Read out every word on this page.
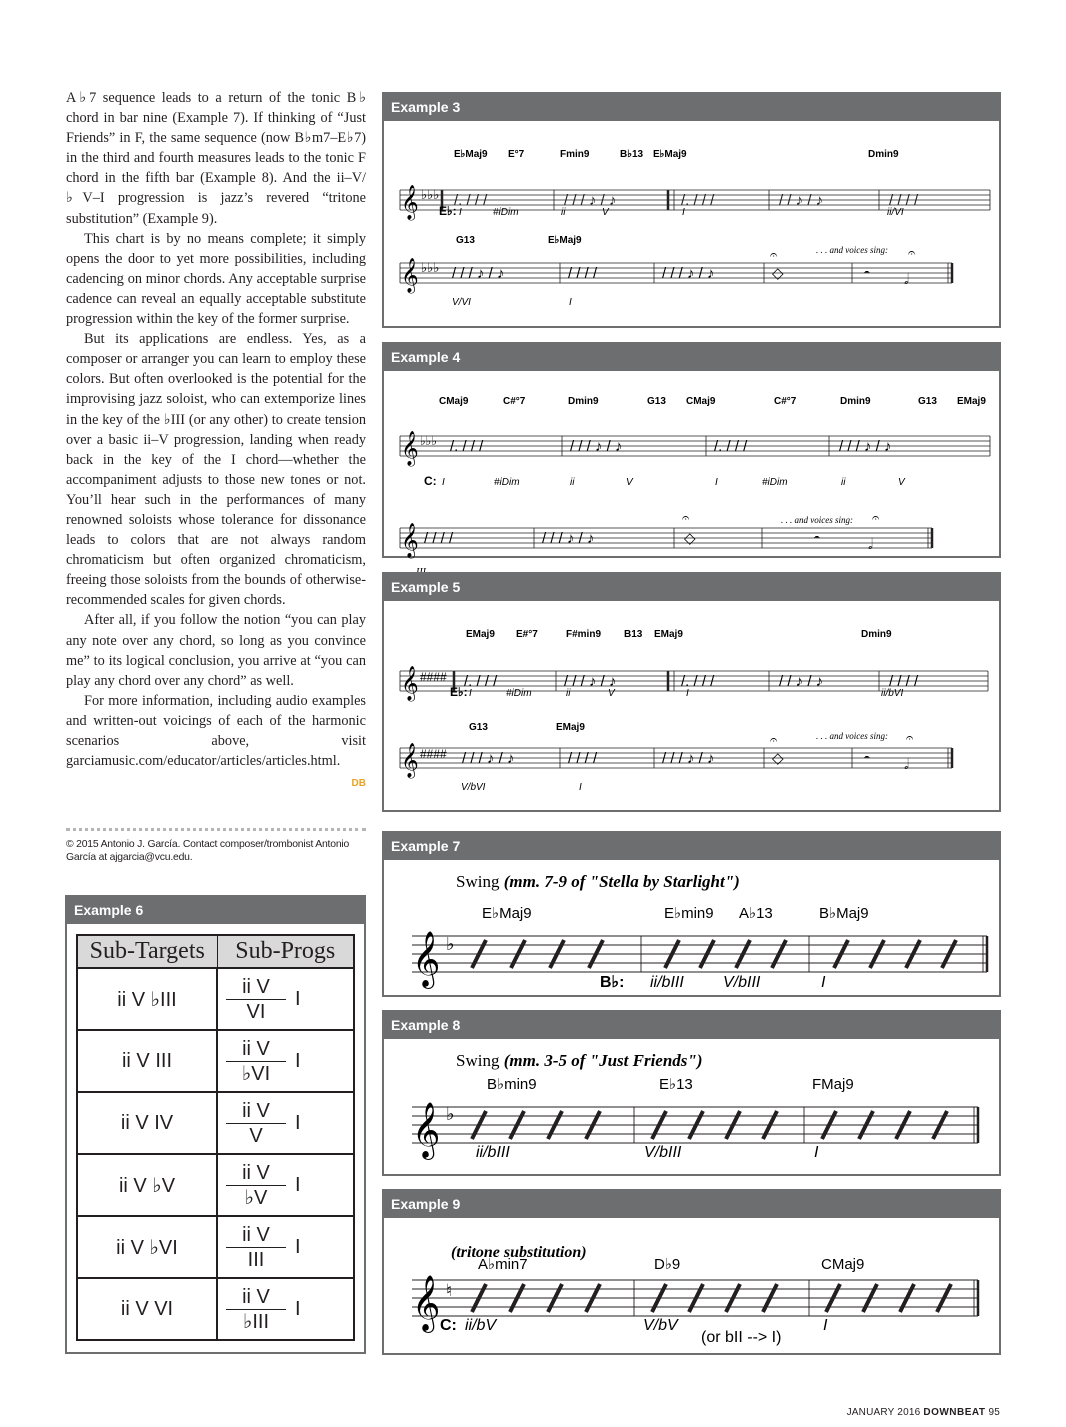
A♭7 sequence leads to a return of the tonic B♭ chord in bar nine (Example 7). If thinking of “Just Friends” in F, the same sequence (now B♭m7–E♭7) in the third and fourth measures leads to the tonic F chord in the fifth bar (Example 8). And the ii–V/♭V–I progression is jazz’s revered “tritone substitution” (Example 9).

This chart is by no means complete; it simply opens the door to yet more possibilities, including cadencing on minor chords. Any acceptable surprise cadence can reveal an equally acceptable substitute progression within the key of the former surprise.

But its applications are endless. Yes, as a composer or arranger you can learn to employ these colors. But often overlooked is the potential for the improvising jazz soloist, who can extemporize lines in the key of the ♭III (or any other) to create tension over a basic ii–V progression, landing when ready back in the key of the I chord—whether the accompaniment adjusts to those new tones or not. You’ll hear such in the performances of many renowned soloists whose tolerance for dissonance leads to colors that are not always random chromaticism but often organized chromaticism, freeing those soloists from the bounds of otherwise-recommended scales for given chords.

After all, if you follow the notion “you can play any note over any chord, so long as you convince me” to its logical conclusion, you arrive at “you can play any chord over any chord” as well.

For more information, including audio examples and written-out voicings of each of the harmonic scenarios above, visit garciamusic.com/educator/articles/articles.html.
DB

© 2015 Antonio J. García. Contact composer/trombonist Antonio García at ajgarcia@vcu.edu.
Example 6
Sub-Targets	Sub-Progs	
ii V ♭III	$\frac{\text{ii V}}{VI}$	I
ii V III	$\frac{\text{ii V}}{♭VI}$	I
ii V IV	$\frac{\text{ii V}}{V}$	I
ii V ♭V	$\frac{\text{ii V}}{♭V}$	I
ii V ♭VI	$\frac{\text{ii V}}{\text{III}}$	I
ii V VI	$\frac{\text{ii V}}{\text{♭III}}$	I
Example 3
𝄞 ♭♭♭ /. / / /	/ / / ♪ / ♪	/. / / /	/ / ♪ / ♪	/ / / /
E♭Maj9 E°7	Fmin9	B♭13 E♭Maj9	Dmin9
E♭: I	#iDim	ii	V	I	ii/VI
𝄞 ♭♭♭ / / / ♪ / ♪	/ / / /	/ / / ♪ / ♪	◇	𝄼 𝅗𝅥
𝄐	𝄐
G13	E♭Maj9
. . . and voices sing:
V/VI	I
Example 4
𝄞 ♭♭♭ /. / / /	/ / / ♪ / ♪	/. / / /	/ / / ♪ / ♪
CMaj9	C#°7	Dmin9	G13 CMaj9	C#°7	Dmin9	G13 EMaj9
C: I	#iDim	ii	V	I	#iDim	ii	V
𝄞 / / / /	/ / / ♪ / ♪	◇	𝄼	𝅗𝅥
𝄐	𝄐
. . . and voices sing:
Example 5
𝄞 #### /. / / /	/ / / ♪ / ♪	/. / / /	/ / ♪ / ♪	/ / / /
EMaj9 E#°7	F#min9 B13 EMaj9	Dmin9
E♭: I	#iDim	ii	V	I	ii/bVI
𝄞 #### / / / ♪ / ♪	/ / / /	/ / / ♪ / ♪	◇	𝄼 𝅗𝅥
𝄐	𝄐
. . . and voices sing:
G13	EMaj9
V/bVI	I
Example 7
Swing (mm. 7-9 of "Stella by Starlight")
𝄞 ♭
E♭Maj9	E♭min9 A♭13	B♭Maj9
B♭: ii/bIII V/bIII	I
Example 8
Swing (mm. 3-5 of "Just Friends")
𝄞 ♭
B♭min9	E♭13	FMaj9
ii/bIII	V/bIII	I
Example 9
(tritone substitution)
𝄞 ♮
A♭min7	D♭9	CMaj9
C: ii/bV	V/bV
(or bII --> I)
I
JANUARY 2016 DOWNBEAT 95
